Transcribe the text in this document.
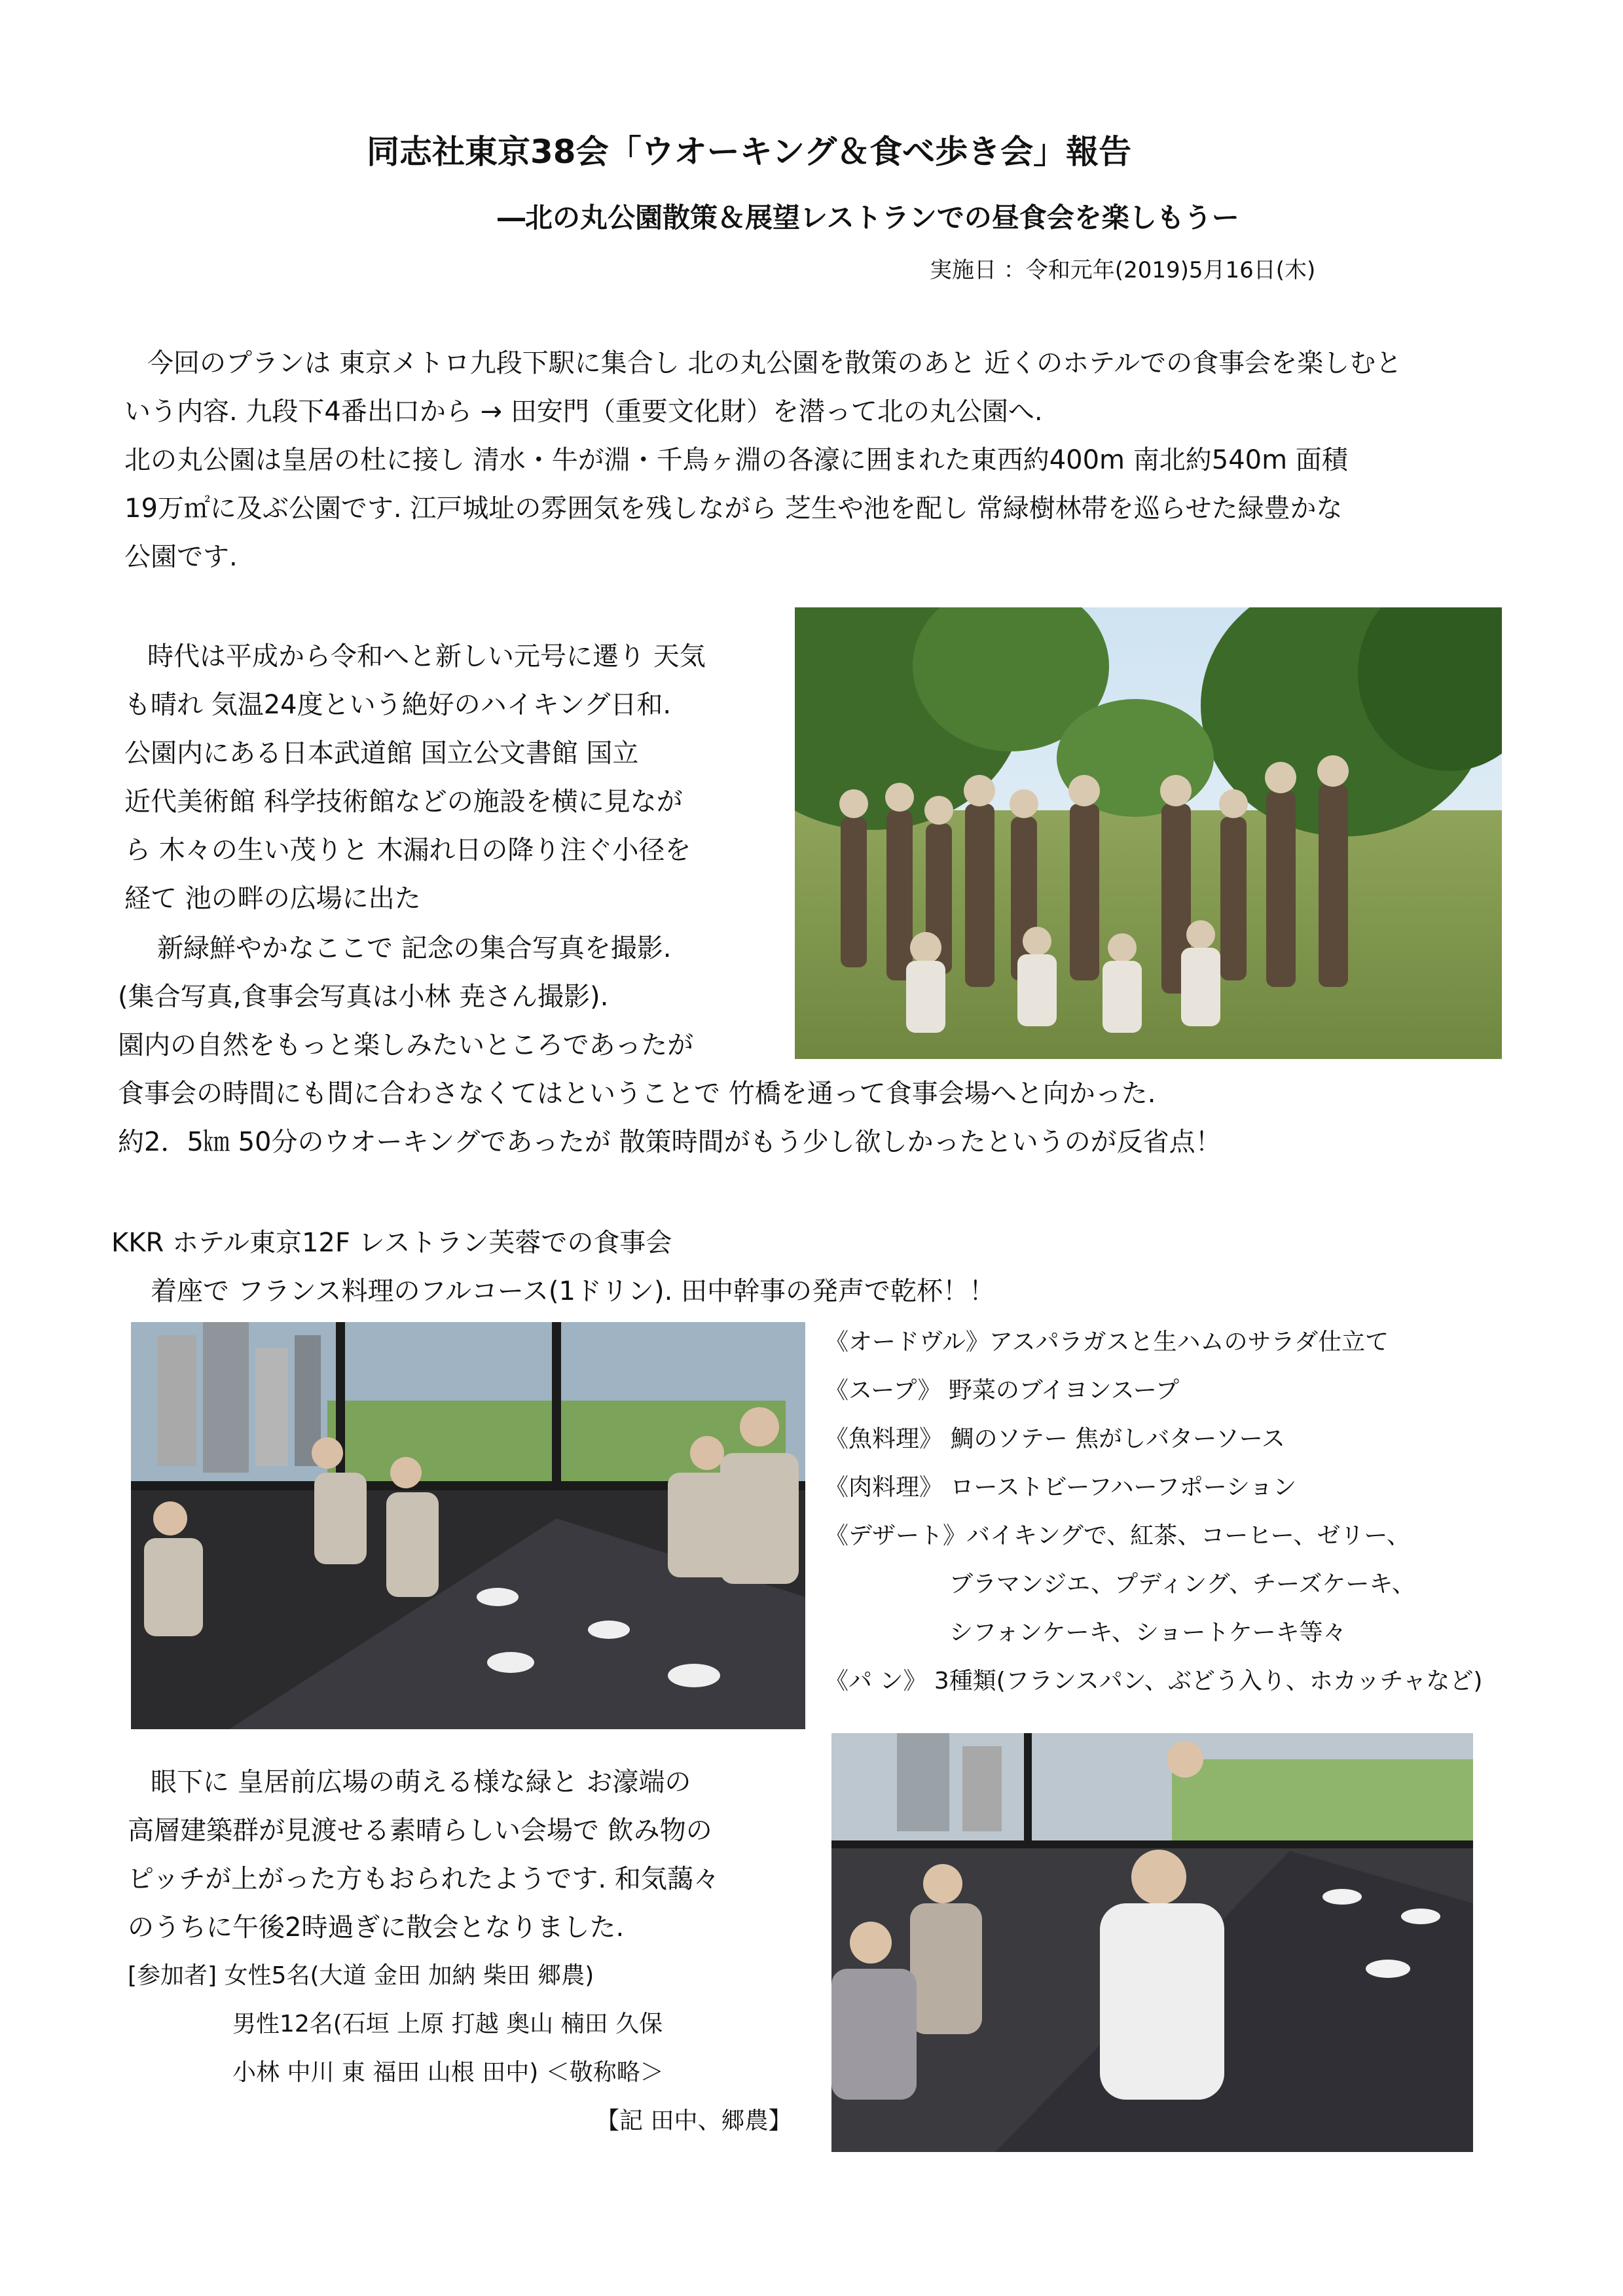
同志社東京38会「ウオーキング＆食べ歩き会」報告
―北の丸公園散策＆展望レストランでの昼食会を楽しもうー
実施日 ：令和元年(2019)5月16日(木)
今回のプランは 東京メトロ九段下駅に集合し 北の丸公園を散策のあと 近くのホテルでの食事会を楽しむと
いう内容. 九段下4番出口から → 田安門（重要文化財）を潜って北の丸公園へ.
北の丸公園は皇居の杜に接し 清水・牛が淵・千鳥ヶ淵の各濠に囲まれた東西約400m 南北約540m 面積
19万㎡に及ぶ公園です. 江戸城址の雰囲気を残しながら 芝生や池を配し 常緑樹林帯を巡らせた緑豊かな
公園です.
時代は平成から令和へと新しい元号に遷り 天気
も晴れ 気温24度という絶好のハイキング日和.
公園内にある日本武道館 国立公文書館 国立
近代美術館 科学技術館などの施設を横に見なが
ら 木々の生い茂りと 木漏れ日の降り注ぐ小径を
経て 池の畔の広場に出た
新緑鮮やかなここで 記念の集合写真を撮影.
(集合写真,食事会写真は小林 尭さん撮影).
園内の自然をもっと楽しみたいところであったが
食事会の時間にも間に合わさなくてはということで 竹橋を通って食事会場へと向かった.
約2．5㎞ 50分のウオーキングであったが 散策時間がもう少し欲しかったというのが反省点！
KKR ホテル東京12F レストラン芙蓉での食事会
着座で フランス料理のフルコース(1ドリン). 田中幹事の発声で乾杯！！
《オードヴル》アスパラガスと生ハムのサラダ仕立て
《スープ》 野菜のブイヨンスープ
《魚料理》 鯛のソテー 焦がしバターソース
《肉料理》 ローストビーフハーフポーション
《デザート》バイキングで、紅茶、コーヒー、ゼリー、
ブラマンジエ、プディング、チーズケーキ、
シフォンケーキ、ショートケーキ等々
《パ ン》 3種類(フランスパン、ぶどう入り、ホカッチャなど)
眼下に 皇居前広場の萌える様な緑と お濠端の
高層建築群が見渡せる素晴らしい会場で 飲み物の
ピッチが上がった方もおられたようです. 和気藹々
のうちに午後2時過ぎに散会となりました.
[参加者] 女性5名(大道 金田 加納 柴田 郷農)
男性12名(石垣 上原 打越 奥山 楠田 久保
小林 中川 東 福田 山根 田中) ＜敬称略＞
【記 田中、郷農】
